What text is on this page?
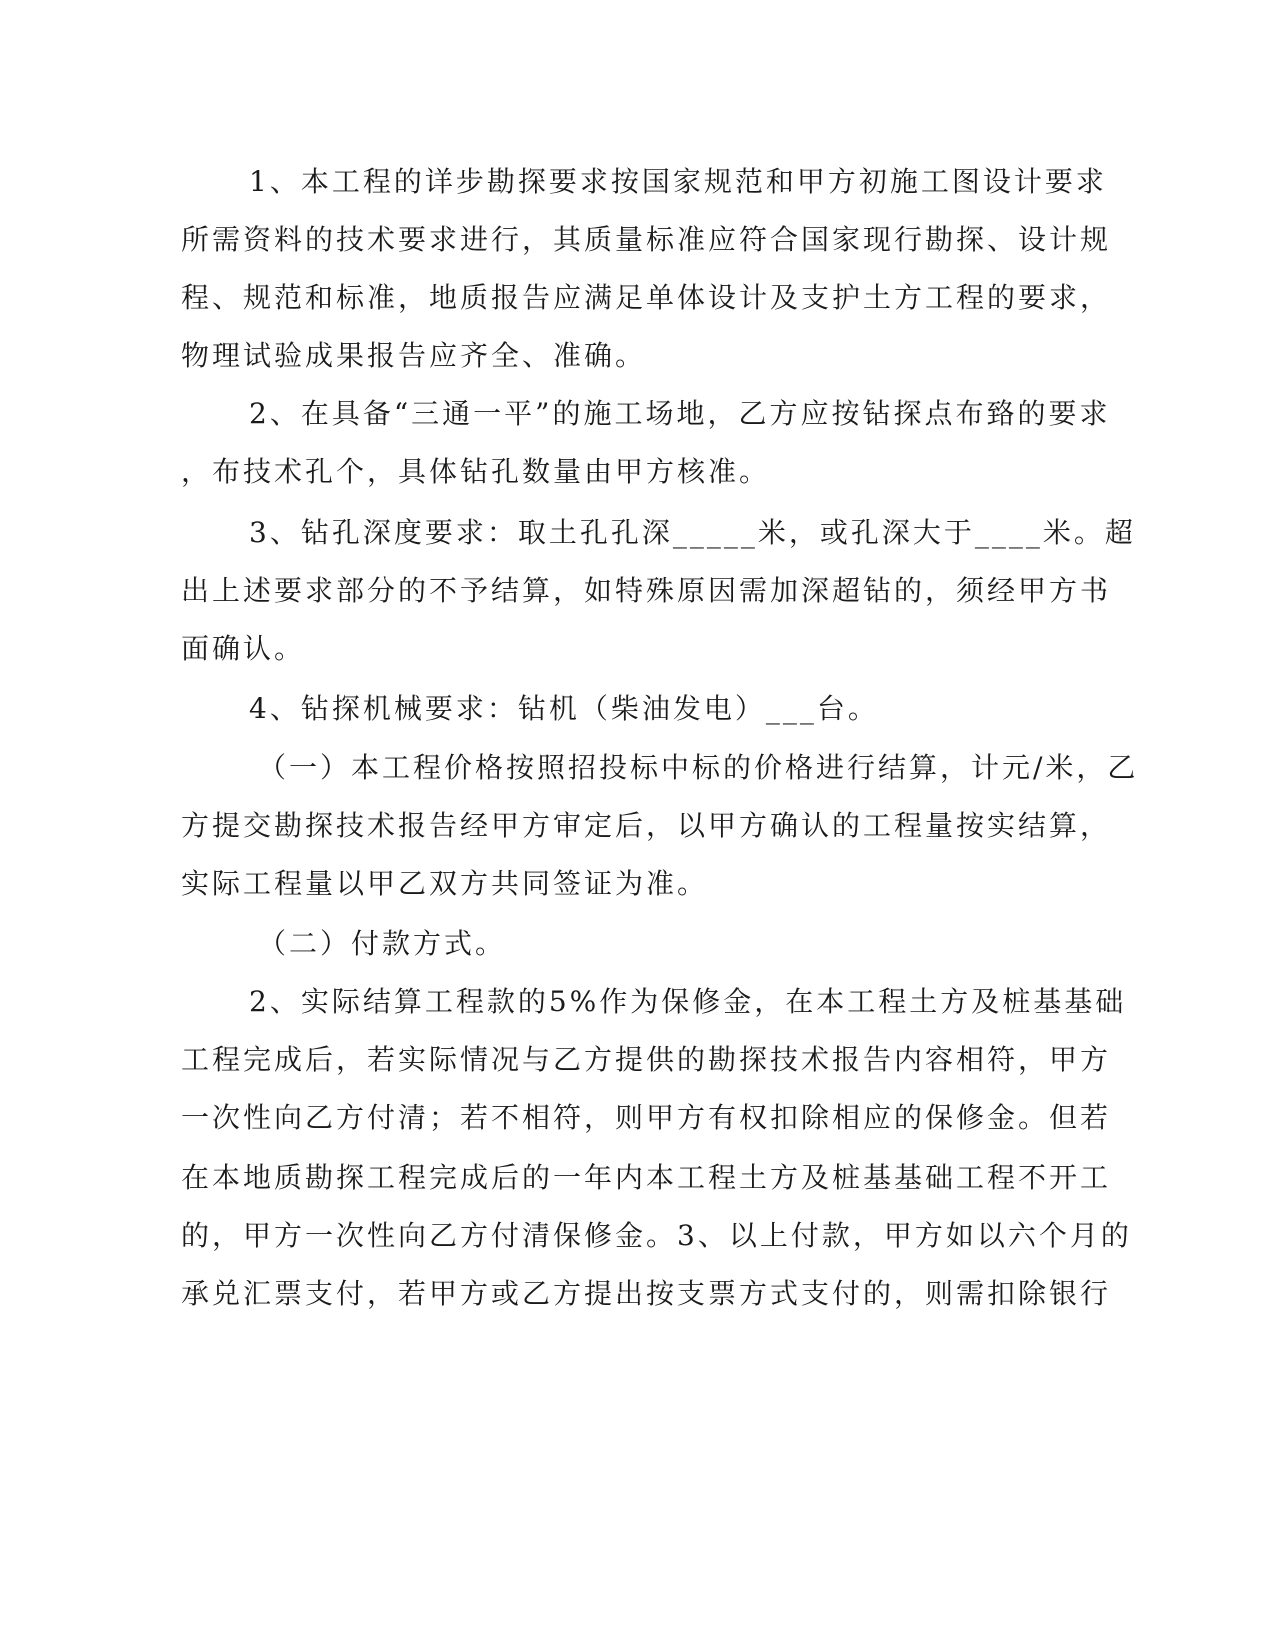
1、本工程的详步勘探要求按国家规范和甲方初施工图设计要求
所需资料的技术要求进行，其质量标准应符合国家现行勘探、设计规
程、规范和标准，地质报告应满足单体设计及支护土方工程的要求，
物理试验成果报告应齐全、准确。
2、在具备“三通一平”的施工场地，乙方应按钻探点布臵的要求
，布技术孔个，具体钻孔数量由甲方核准。
3、钻孔深度要求：取土孔孔深_____米，或孔深大于____米。超
出上述要求部分的不予结算，如特殊原因需加深超钻的，须经甲方书
面确认。
4、钻探机械要求：钻机（柴油发电）___台。
（一）本工程价格按照招投标中标的价格进行结算，计元/米，乙
方提交勘探技术报告经甲方审定后，以甲方确认的工程量按实结算，
实际工程量以甲乙双方共同签证为准。
（二）付款方式。
2、实际结算工程款的5%作为保修金，在本工程土方及桩基基础
工程完成后，若实际情况与乙方提供的勘探技术报告内容相符，甲方
一次性向乙方付清；若不相符，则甲方有权扣除相应的保修金。但若
在本地质勘探工程完成后的一年内本工程土方及桩基基础工程不开工
的，甲方一次性向乙方付清保修金。3、以上付款，甲方如以六个月的
承兑汇票支付，若甲方或乙方提出按支票方式支付的，则需扣除银行
